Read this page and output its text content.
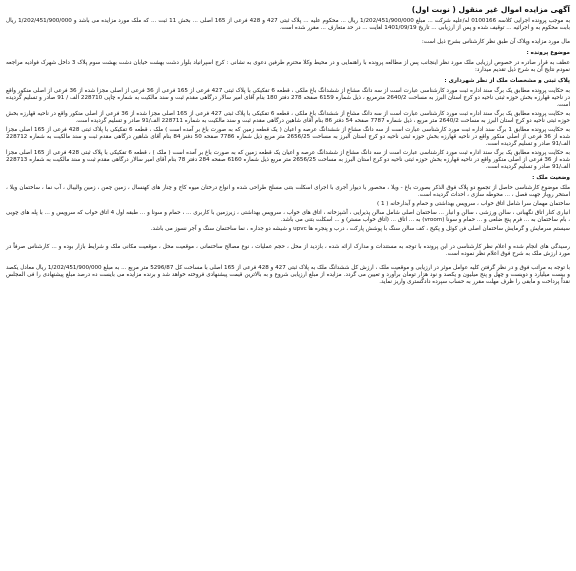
آگهی مزایده اموال غیر منقول ( نوبت اول)
به موجب پرونده اجرایی کلاسه 0100166 له/علیه شرکت ... مبلغ 1/202/451/900/000 ریال ... محکوم علیه ... پلاک ثبتی 427 و 428 فرعی از 165 اصلی ... بخش 11 ثبت ... که ملک مورد مزایده می باشد و 1/202/451/900/000 ریال بابت محکوم به و اجرائیه ... توقیف شده و پس از ارزیابی ... تاریخ 1401/09/19 لغایت ... در حد متعارف ... مقرر شده است.
مال مورد مزایده وپلاک آن طبق نظر کارشناس بشرح ذیل است:
موضوع پرونده :
عطف به قرار صادره در خصوص ارزیابی ملک مورد نظر اینجانب پس از مطالعه پرونده با راهنمایی و در محیط وکلا محترم طرفین دعوی به نشانی : کرج اسپرانیاد بلوار دشت بهشت خیابان دشت بهشت سوم پلاک 3 داخل شهرک فوادیه مراجعه نمودم نتایج آن به شرح ذیل تقدیم میدارد:
پلاک ثبتی و مشخصات ملک از نظر شهرداری :
به حکایت پرونده مطابق یک برگ سند اداره ثبت مورد کارشناسی عبارت است از سه دانگ مشاع از ششدانگ باغ ملکی ، قطعه 6 تفکیکی با پلاک ثبتی 427 فرعی از 165 فرعی از 36 فرعی از اصلی مجزا شده از 36 فرعی از اصلی منکور واقع در ناحیه قهارزه بخش حوزه ثبتی ناحیه دو کرج استان البرز به مساحت 2640/2 مترمربع ، ذیل شماره 6159 صفحه 278 دفتر 180 بنام آقای امیر سالار درگاهی مقدم ثبت و سند مالکیت به شماره چاپی 228710 الف / 91 صادر و تسلیم گردیده است.
به حکایت پرونده مطابق یک برگ سند اداره ثبت مورد کارشناسی عبارت است از سه دانگ مشاع از ششدانگ باغ ملکی ، قطعه 6 تفکیکی با پلاک ثبتی 427 فرعی از 165 اصلی مجزا شده از 36 فرعی از اصلی منکور واقع در ناحیه قهارزه بخش حوزه ثبتی ناحیه دو کرج استان البرز به مساحت 2640/2 متر مربع ، ذیل شماره 7787 صفحه 54 دفتر 86 بنام آقای شاهین درگاهی مقدم ثبت و سند مالکیت به شماره 228711 الف/91 صادر و تسلیم گردیده است.
به حکایت پرونده مطابق 1 برگ سند اداره ثبت مورد کارشناسی عبارت است از سه دانگ مشاع از ششدانگ عرصه و اعیان ( یک قطعه زمین که به صورت باغ بر آمده است ) ملک ، قطعه 6 تفکیکی با پلاک ثبتی 428 فرعی از 165 اصلی مجزا شده از 36 فرعی از اصلی منکور واقع در ناحیه قهارزه بخش حوزه ثبتی ناحیه دو کرج استان البرز به مساحت 2656/25 متر مربع ذیل شماره 7786 صفحه 50 دفتر 84 بنام آقای شاهین درگاهی مقدم ثبت و سند مالکیت به شماره 228712 الف/91 صادر و تسلیم گردیده است.
به حکایت پرونده مطابق یک برگ سند اداره ثبت مورد کارشناسی عبارت است از سه دانگ مشاع از ششدانگ عرصه و اعیان یک قطعه زمین که به صورت باغ بر آمده است ( ملک ) ، قطعه 6 تفکیکی با پلاک ثبتی 428 فرعی از 165 اصلی مجزا شده از 36 فرعی از اصلی منکور واقع در ناحیه قهارزه بخش حوزه ثبتی ناحیه دو کرج استان البرز به مساحت 2656/25 متر مربع ذیل شماره 6160 صفحه 284 دفتر 78 بنام آقای امیر سالار درگاهی مقدم ثبت و سند مالکیت به شماره 228713 الف/91 صادر و تسلیم گردیده است.
وضعیت ملک :
ملک موضوع کارشناسی حاصل از تجمیع دو پلاک فوق الذکر بصورت باغ - ویلا ، محصور با دیوار آجری با اجرای اسکلت بتنی مسلح طراحی شده و انواع درختان میوه کاج و چنار های کهنسال ، زمین چمن ، زمین والیبال ، آب نما ، ساختمان ویلا ، استخر روباز جهت فصل ، ... محوطه سازی ، احداث گردیده است.
ساختمان مهمان سرا شامل اتاق خواب ، سرویس بهداشتی و حمام و آبدارخانه ( 1 )
انباری کنار اتاق نگهبانی ، سالن ورزشی ، سالن و انبار ... ساختمان اصلی شامل سالن پذیرایی ، آشپزخانه ، اتاق های خواب ، سرویس بهداشتی ، زیرزمین با کاربری ... ، حمام و سونا و ... طبقه اول 4 اتاق خواب که سرویس و ... با پله های چوبی ، بام ساختمان به ... فرم پنج ضلعی و ... حمام و سونا (vroom) به ... اتاق ... (اتاق خواب مستر) و ... اسکلت بتنی می باشد.
سیستم سرمایش و گرمایش ساختمان اصلی فن کوئل و پکیج ، کف سالن سنگ با پوشش پارکت ، درب و پنجره ها upvc و شیشه دو جداره ، نما ساختمان سنگ و آجر نسوز می باشد.
رسیدگی های انجام شده و اعلام نظر کارشناسی در این پرونده با توجه به مستندات و مدارک ارائه شده ، بازدید از محل ، حجم عملیات ، نوع مصالح ساختمانی ، موقعیت محل ، موقعیت مکانی ملک و شرایط بازار بوده و ... کارشناس صرفاً در مورد ارزش ملک به شرح فوق اعلام نظر نموده است.
با توجه به مراتب فوق و در نظر گرفتن کلیه عوامل موثر در ارزیابی و موقعیت ملک ، ارزش کل ششدانگ ملک به پلاک ثبتی 427 و 428 فرعی از 165 اصلی با مساحت کل 5296/87 متر مربع ... به مبلغ 1/202/451/900/000 ریال معادل یکصد و بیست میلیارد و دویست و چهل و پنج میلیون و یکصد و نود هزار تومان برآورد و تعیین می گردد. مزایده از مبلغ ارزیابی شروع و به بالاترین قیمت پیشنهادی فروخته خواهد شد و برنده مزایده می بایست ده درصد مبلغ پیشنهادی را فی المجلس نقداً پرداخت و مابقی را ظرف مهلت مقرر به حساب سپرده دادگستری واریز نماید.
